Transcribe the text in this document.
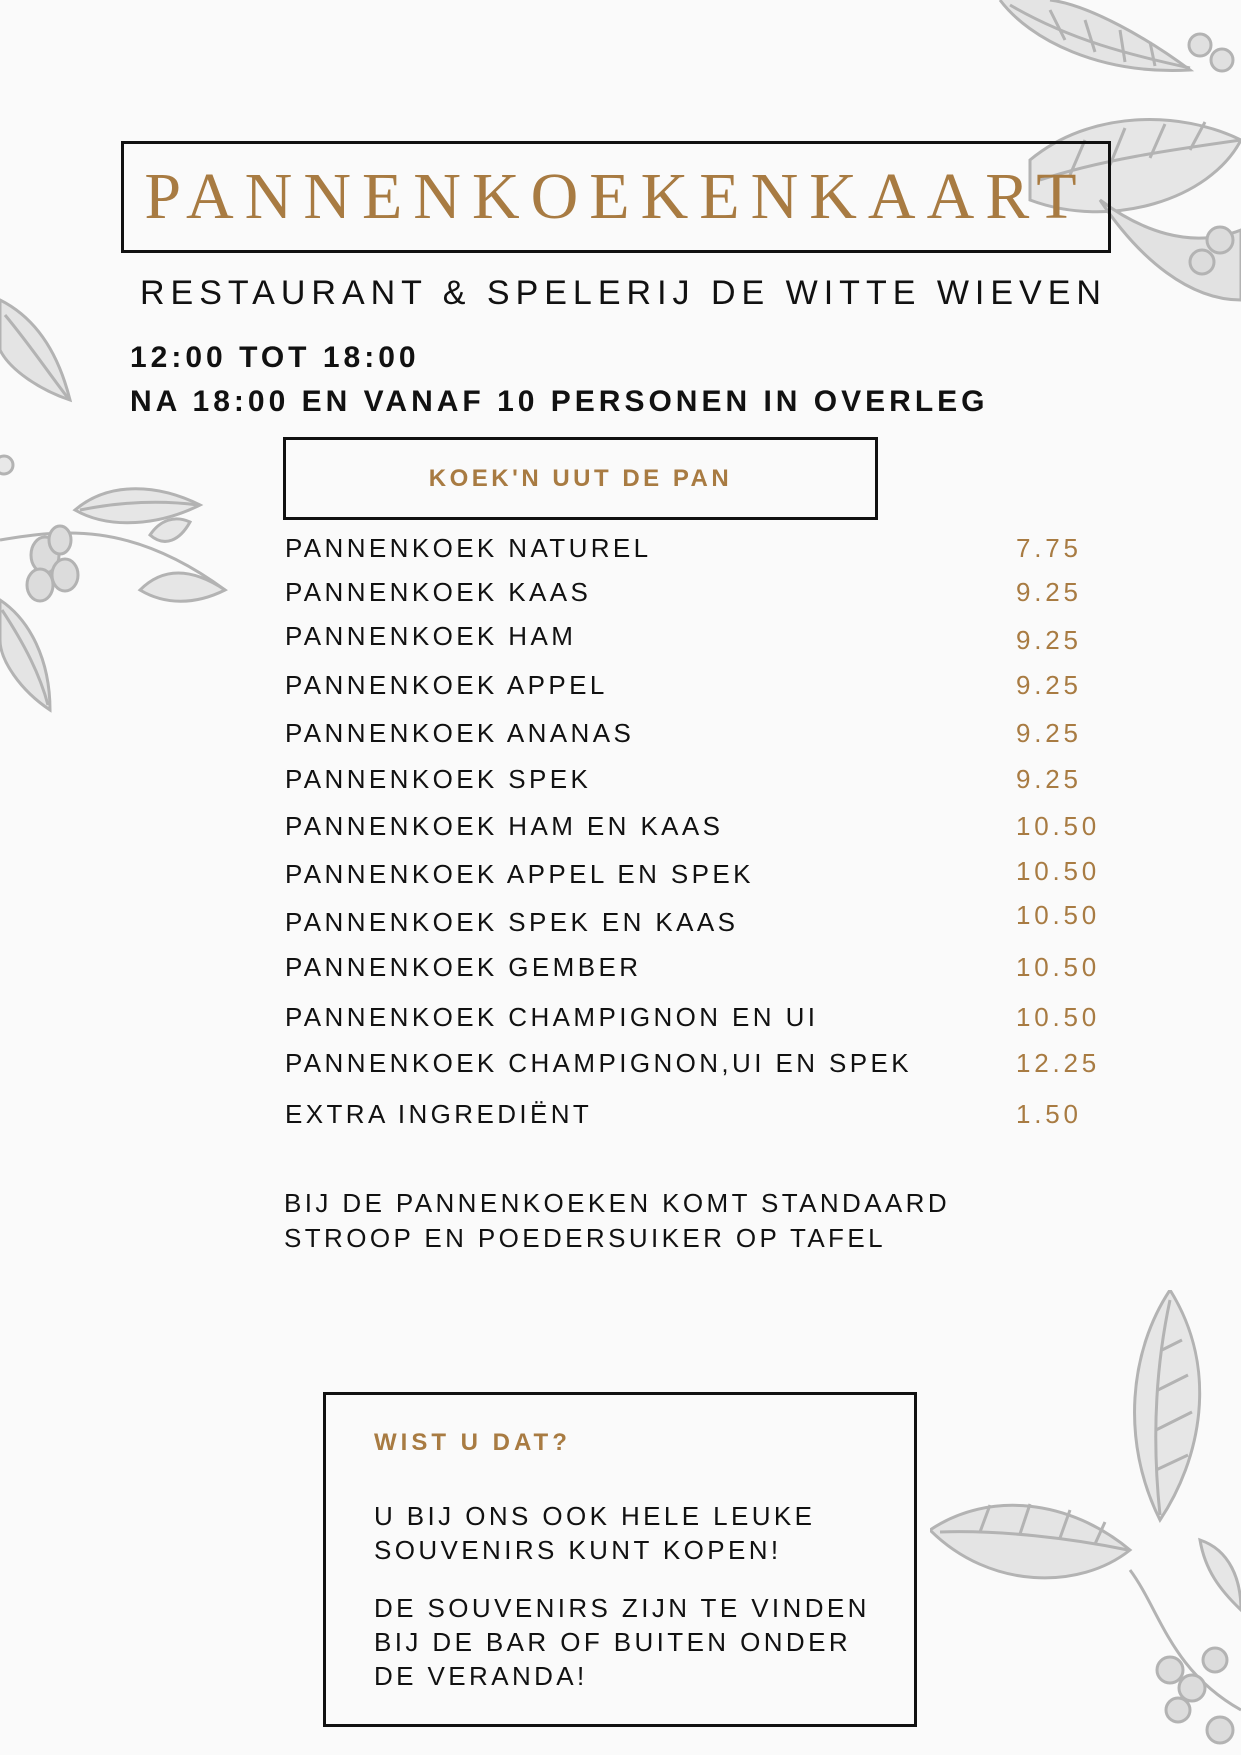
PANNENKOEKENKAART
RESTAURANT & SPELERIJ DE WITTE WIEVEN
12:00 TOT 18:00
NA 18:00 EN VANAF 10 PERSONEN IN OVERLEG
KOEK'N UUT DE PAN
PANNENKOEK NATUREL	7.75
PANNENKOEK KAAS	9.25
PANNENKOEK HAM	9.25
PANNENKOEK APPEL	9.25
PANNENKOEK ANANAS	9.25
PANNENKOEK SPEK	9.25
PANNENKOEK HAM EN KAAS	10.50
PANNENKOEK APPEL EN SPEK	10.50
PANNENKOEK SPEK EN KAAS	10.50
PANNENKOEK GEMBER	10.50
PANNENKOEK CHAMPIGNON EN UI	10.50
PANNENKOEK CHAMPIGNON,UI EN SPEK	12.25
EXTRA INGREDIËNT	1.50
BIJ DE PANNENKOEKEN KOMT STANDAARD
STROOP EN POEDERSUIKER OP TAFEL
WIST U DAT?
U BIJ ONS OOK HELE LEUKE
SOUVENIRS KUNT KOPEN!
DE SOUVENIRS ZIJN TE VINDEN
BIJ DE BAR OF BUITEN ONDER
DE VERANDA!
